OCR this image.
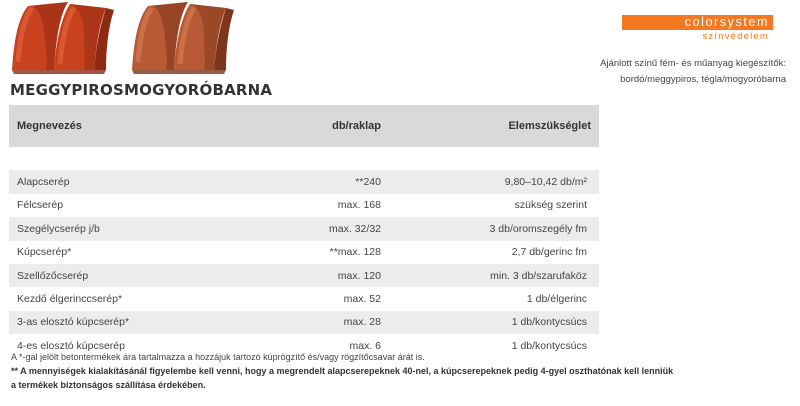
MEGGYPIROS MOGYORÓBARNA
colorsystem
színvédelem
Ajánlott színű fém- és műanyag kiegészítők:
bordó/meggypiros, tégla/mogyoróbarna
Megnevezés	db/raklap	Elemszükséglet

Alapcserép	**240	9,80–10,42 db/m²
Félcserép	max. 168	szükség szerint
Szegélycserép j/b	max. 32/32	3 db/oromszegély fm
Kúpcserép*	**max. 128	2,7 db/gerinc fm
Szellőzőcserép	max. 120	min. 3 db/szarufaköz
Kezdő élgerinccserép*	max. 52	1 db/élgerinc
3-as elosztó kúpcserép*	max. 28	1 db/kontycsúcs
4-es elosztó kúpcserép	max. 6	1 db/kontycsúcs
A *-gal jelölt betontermékek ára tartalmazza a hozzájuk tartozó kúprögzítő és/vagy rögzítőcsavar árát is.
** A mennyiségek kialakításánál figyelembe kell venni, hogy a megrendelt alapcserepeknek 40-nel, a kúpcserepeknek pedig 4-gyel oszthatónak kell lenniük
a termékek biztonságos szállítása érdekében.
